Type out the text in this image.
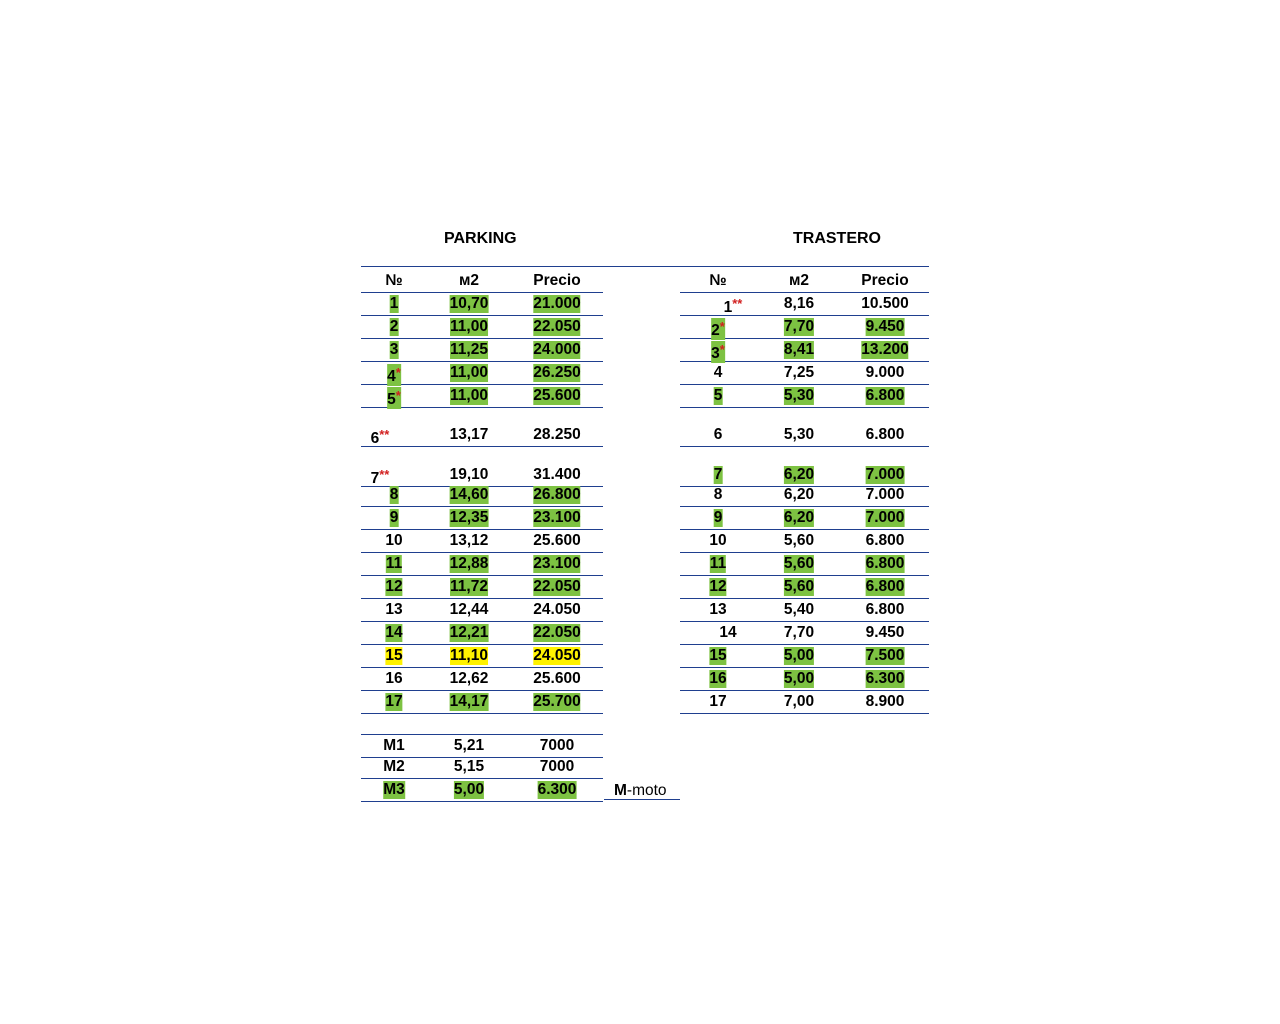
PARKING	TRASTERO
№	м2	Precio
1	10,70	21.000
2	11,00	22.050
3	11,25	24.000
4*	11,00	26.250
5*	11,00	25.600
6**	13,17	28.250
7**	19,10	31.400
8	14,60	26.800
9	12,35	23.100
10	13,12	25.600
11	12,88	23.100
12	11,72	22.050
13	12,44	24.050
14	12,21	22.050
15	11,10	24.050
16	12,62	25.600
17	14,17	25.700
M1	5,21	7000
M2	5,15	7000
M3	5,00	6.300
№	м2	Precio
1**	8,16	10.500
2*	7,70	9.450
3*	8,41	13.200
4	7,25	9.000
5	5,30	6.800
6	5,30	6.800
7	6,20	7.000
8	6,20	7.000
9	6,20	7.000
10	5,60	6.800
11	5,60	6.800
12	5,60	6.800
13	5,40	6.800
14	7,70	9.450
15	5,00	7.500
16	5,00	6.300
17	7,00	8.900
M-moto
